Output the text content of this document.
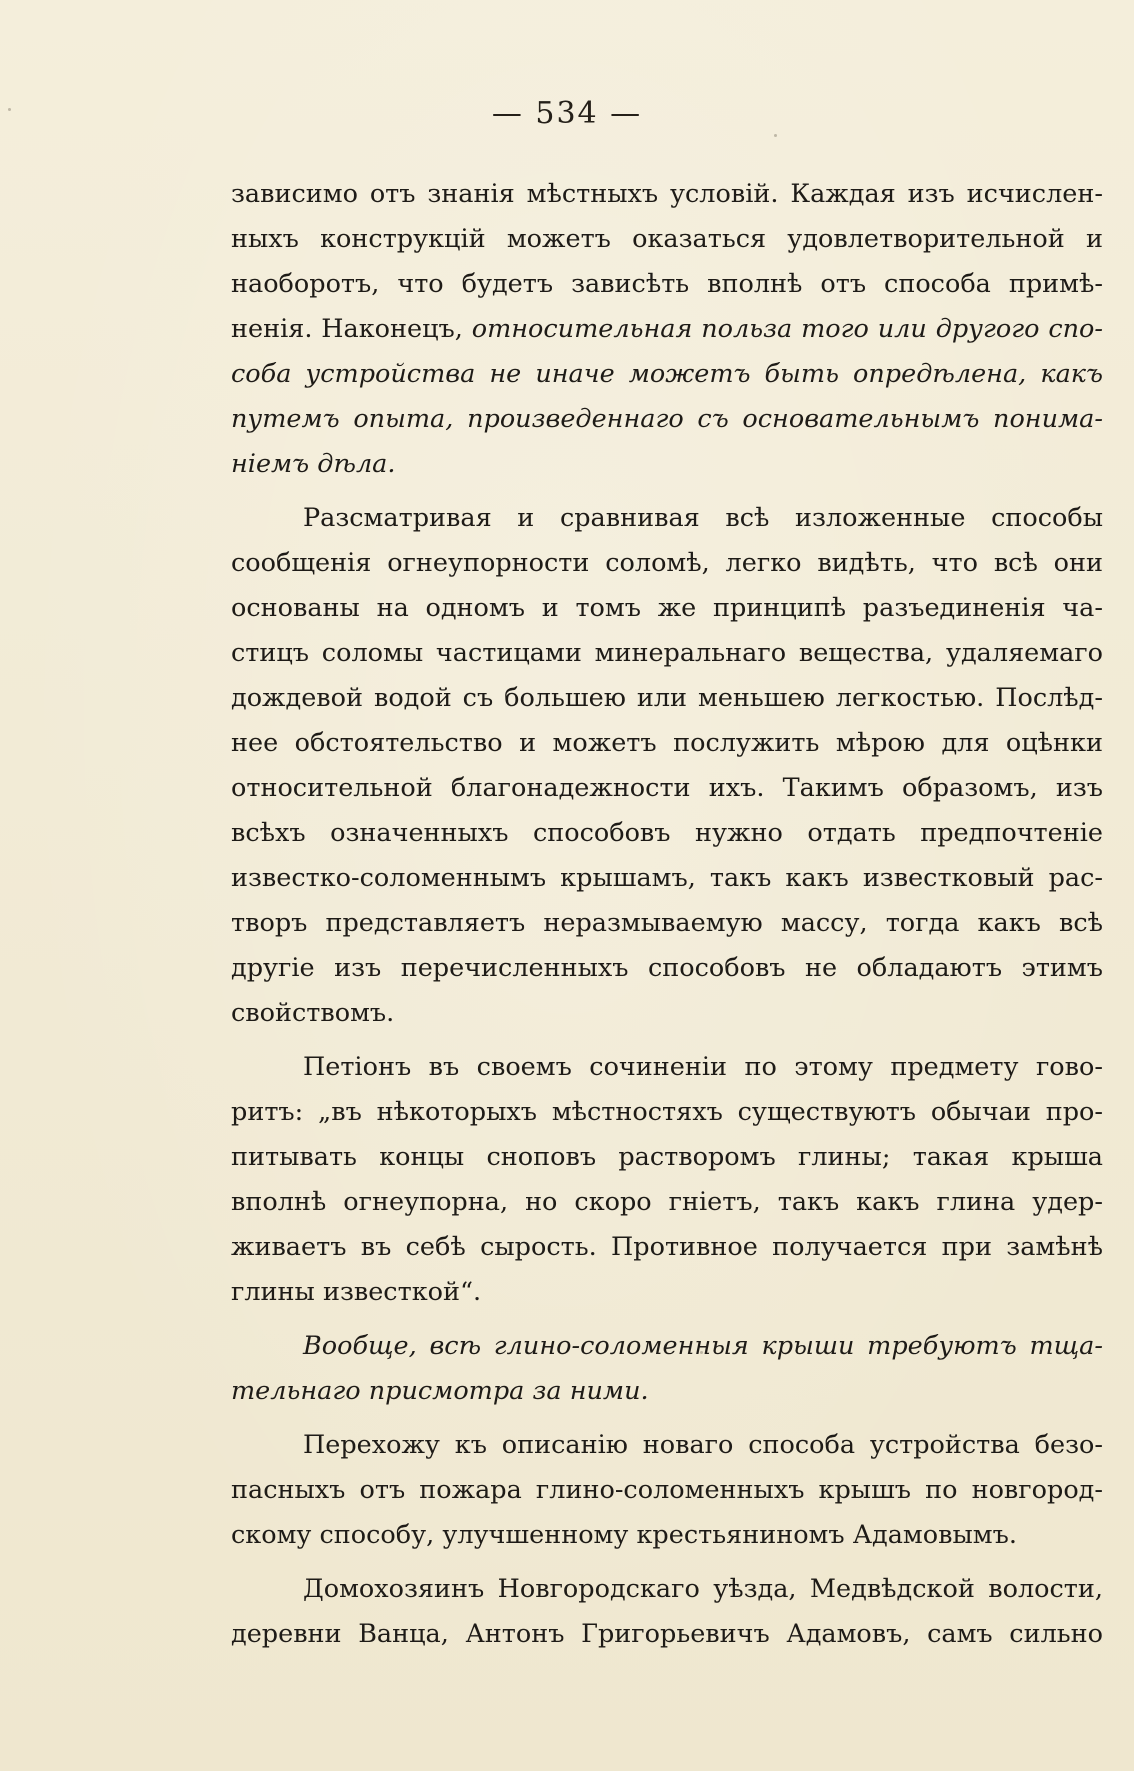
— 534 —
зависимо отъ знанія мѣстныхъ условій. Каждая изъ исчислен-
ныхъ конструкцій можетъ оказаться удовлетворительной и
наоборотъ, что будетъ зависѣть вполнѣ отъ способа примѣ-
ненія. Наконецъ, относительная польза того или другого спо-
соба устройства не иначе можетъ быть опредѣлена, какъ
путемъ опыта, произведеннаго съ основательнымъ понима-
ніемъ дѣла.
Разсматривая и сравнивая всѣ изложенные способы
сообщенія огнеупорности соломѣ, легко видѣть, что всѣ они
основаны на одномъ и томъ же принципѣ разъединенія ча-
стицъ соломы частицами минеральнаго вещества, удаляемаго
дождевой водой съ большею или меньшею легкостью. Послѣд-
нее обстоятельство и можетъ послужить мѣрою для оцѣнки
относительной благонадежности ихъ. Такимъ образомъ, изъ
всѣхъ означенныхъ способовъ нужно отдать предпочтеніе
известко-соломеннымъ крышамъ, такъ какъ известковый рас-
творъ представляетъ неразмываемую массу, тогда какъ всѣ
другіе изъ перечисленныхъ способовъ не обладаютъ этимъ
свойствомъ.
Петіонъ въ своемъ сочиненіи по этому предмету гово-
ритъ: „въ нѣкоторыхъ мѣстностяхъ существуютъ обычаи про-
питывать концы сноповъ растворомъ глины; такая крыша
вполнѣ огнеупорна, но скоро гніетъ, такъ какъ глина удер-
живаетъ въ себѣ сырость. Противное получается при замѣнѣ
глины известкой“.
Вообще, всѣ глино-соломенныя крыши требуютъ тща-
тельнаго присмотра за ними.
Перехожу къ описанію новаго способа устройства безо-
пасныхъ отъ пожара глино-соломенныхъ крышъ по новгород-
скому способу, улучшенному крестьяниномъ Адамовымъ.
Домохозяинъ Новгородскаго уѣзда, Медвѣдской волости,
деревни Ванца, Антонъ Григорьевичъ Адамовъ, самъ сильно
